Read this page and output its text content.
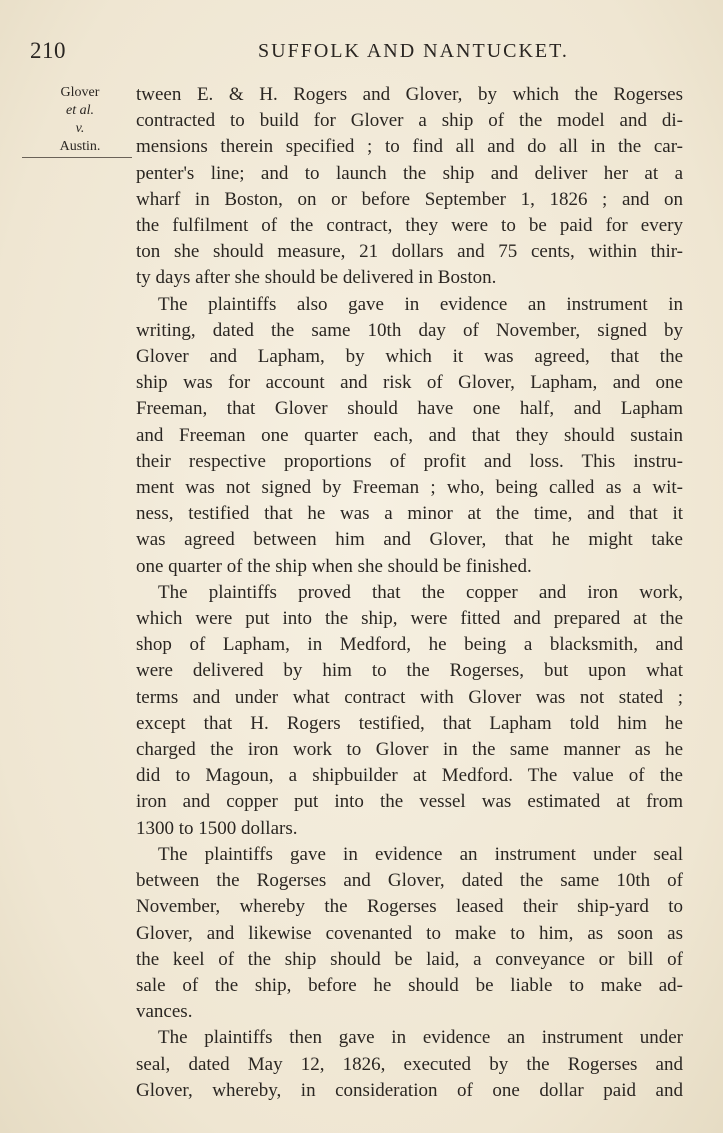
210	SUFFOLK AND NANTUCKET.
Glover
et al.
v.
Austin.

tween E. & H. Rogers and Glover, by which the Rogerses
contracted to build for Glover a ship of the model and di-
mensions therein specified ; to find all and do all in the car-
penter's line; and to launch the ship and deliver her at a
wharf in Boston, on or before September 1, 1826 ; and on
the fulfilment of the contract, they were to be paid for every
ton she should measure, 21 dollars and 75 cents, within thir-
ty days after she should be delivered in Boston.

The plaintiffs also gave in evidence an instrument in
writing, dated the same 10th day of November, signed by
Glover and Lapham, by which it was agreed, that the
ship was for account and risk of Glover, Lapham, and one
Freeman, that Glover should have one half, and Lapham
and Freeman one quarter each, and that they should sustain
their respective proportions of profit and loss. This instru-
ment was not signed by Freeman ; who, being called as a wit-
ness, testified that he was a minor at the time, and that it
was agreed between him and Glover, that he might take
one quarter of the ship when she should be finished.

The plaintiffs proved that the copper and iron work,
which were put into the ship, were fitted and prepared at the
shop of Lapham, in Medford, he being a blacksmith, and
were delivered by him to the Rogerses, but upon what
terms and under what contract with Glover was not stated ;
except that H. Rogers testified, that Lapham told him he
charged the iron work to Glover in the same manner as he
did to Magoun, a shipbuilder at Medford. The value of the
iron and copper put into the vessel was estimated at from
1300 to 1500 dollars.

The plaintiffs gave in evidence an instrument under seal
between the Rogerses and Glover, dated the same 10th of
November, whereby the Rogerses leased their ship-yard to
Glover, and likewise covenanted to make to him, as soon as
the keel of the ship should be laid, a conveyance or bill of
sale of the ship, before he should be liable to make ad-
vances.

The plaintiffs then gave in evidence an instrument under
seal, dated May 12, 1826, executed by the Rogerses and
Glover, whereby, in consideration of one dollar paid and
